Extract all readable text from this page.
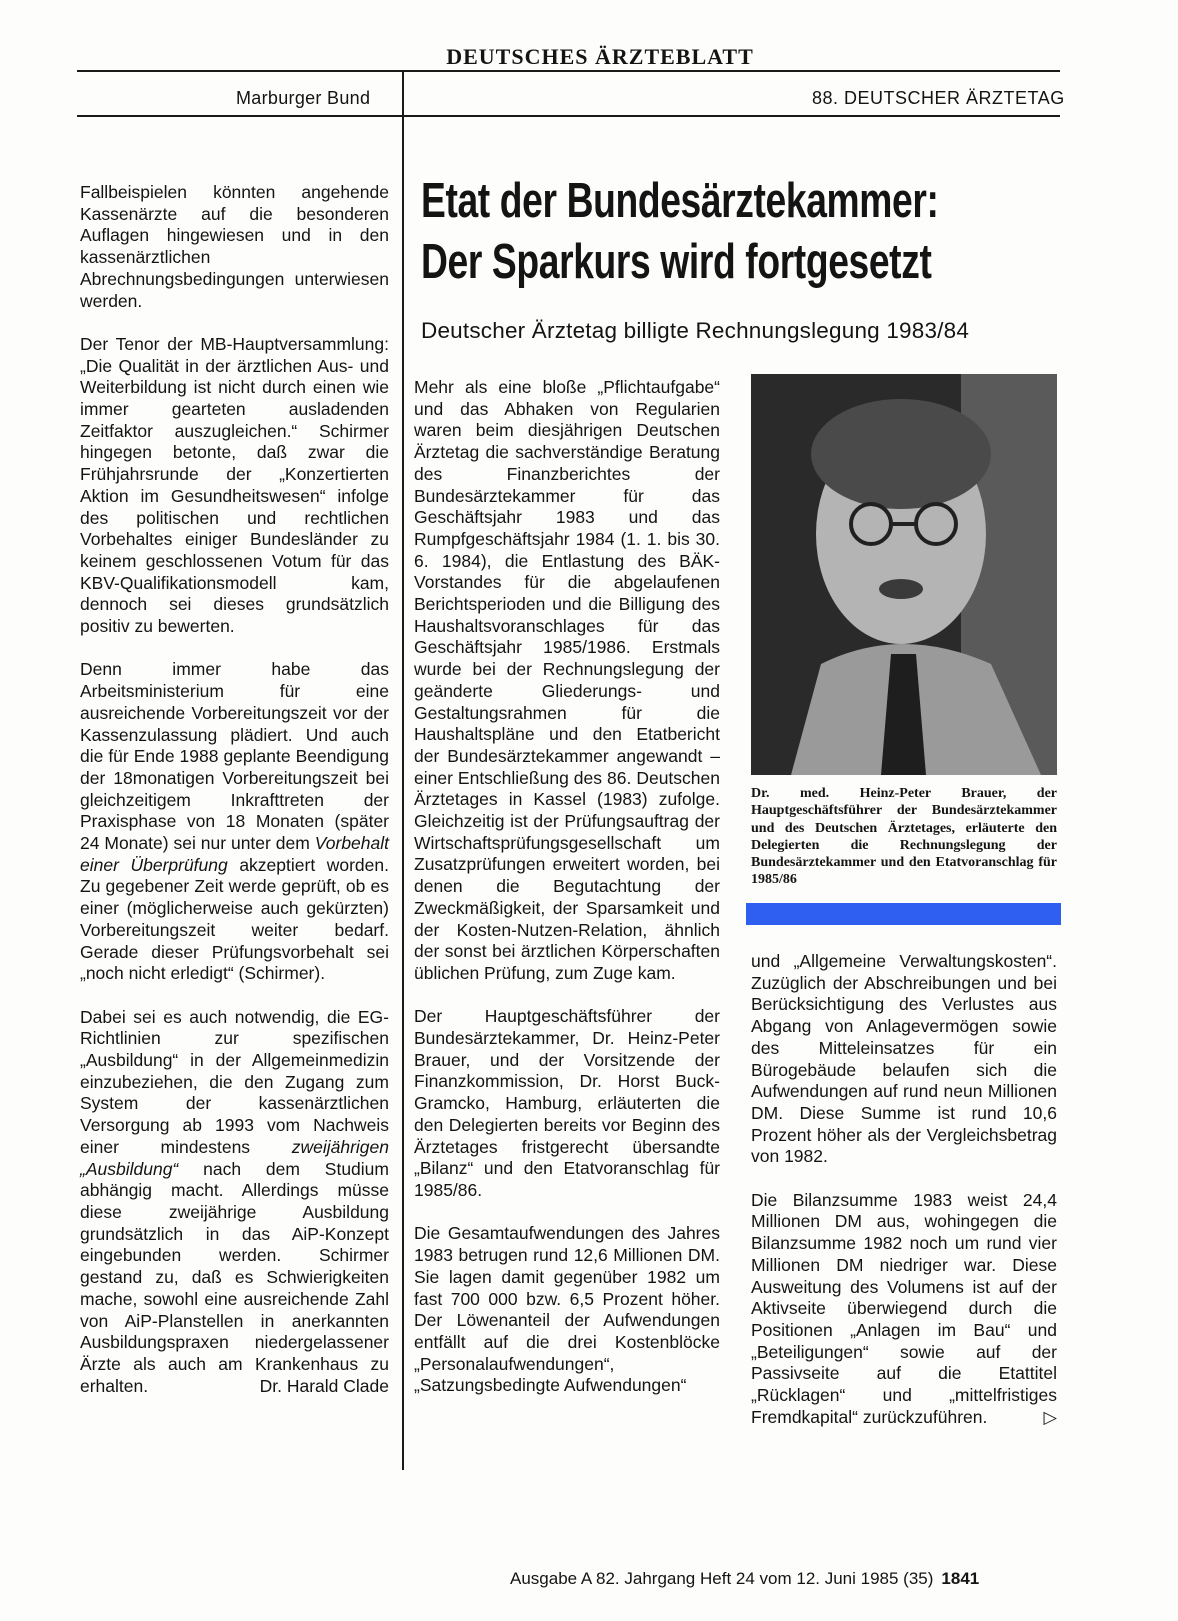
DEUTSCHES ÄRZTEBLATT
Marburger Bund	88. DEUTSCHER ÄRZTETAG

Fallbeispielen könnten angehende Kassenärzte auf die besonderen Auflagen hingewiesen und in den kassenärztlichen Abrechnungsbedingungen unterwiesen werden.

Der Tenor der MB-Hauptversammlung: „Die Qualität in der ärztlichen Aus- und Weiterbildung ist nicht durch einen wie immer gearteten ausladenden Zeitfaktor auszugleichen.“ Schirmer hingegen betonte, daß zwar die Frühjahrsrunde der „Konzertierten Aktion im Gesundheitswesen“ infolge des politischen und rechtlichen Vorbehaltes einiger Bundesländer zu keinem geschlossenen Votum für das KBV-Qualifikationsmodell kam, dennoch sei dieses grundsätzlich positiv zu bewerten.

Denn immer habe das Arbeitsministerium für eine ausreichende Vorbereitungszeit vor der Kassenzulassung plädiert. Und auch die für Ende 1988 geplante Beendigung der 18monatigen Vorbereitungszeit bei gleichzeitigem Inkrafttreten der Praxisphase von 18 Monaten (später 24 Monate) sei nur unter dem Vorbehalt einer Überprüfung akzeptiert worden. Zu gegebener Zeit werde geprüft, ob es einer (möglicherweise auch gekürzten) Vorbereitungszeit weiter bedarf. Gerade dieser Prüfungsvorbehalt sei „noch nicht erledigt“ (Schirmer).

Dabei sei es auch notwendig, die EG-Richtlinien zur spezifischen „Ausbildung“ in der Allgemeinmedizin einzubeziehen, die den Zugang zum System der kassenärztlichen Versorgung ab 1993 vom Nachweis einer mindestens zweijährigen „Ausbildung“ nach dem Studium abhängig macht. Allerdings müsse diese zweijährige Ausbildung grundsätzlich in das AiP-Konzept eingebunden werden. Schirmer gestand zu, daß es Schwierigkeiten mache, sowohl eine ausreichende Zahl von AiP-Planstellen in anerkannten Ausbildungspraxen niedergelassener Ärzte als auch am Krankenhaus zu erhalten.	Dr. Harald Clade

Etat der Bundesärztekammer:
Der Sparkurs wird fortgesetzt
Deutscher Ärztetag billigte Rechnungslegung 1983/84

Mehr als eine bloße „Pflichtaufgabe“ und das Abhaken von Regularien waren beim diesjährigen Deutschen Ärztetag die sachverständige Beratung des Finanzberichtes der Bundesärztekammer für das Geschäftsjahr 1983 und das Rumpfgeschäftsjahr 1984 (1. 1. bis 30. 6. 1984), die Entlastung des BÄK-Vorstandes für die abgelaufenen Berichtsperioden und die Billigung des Haushaltsvoranschlages für das Geschäftsjahr 1985/1986. Erstmals wurde bei der Rechnungslegung der geänderte Gliederungs- und Gestaltungsrahmen für die Haushaltspläne und den Etatbericht der Bundesärztekammer angewandt – einer Entschließung des 86. Deutschen Ärztetages in Kassel (1983) zufolge. Gleichzeitig ist der Prüfungsauftrag der Wirtschaftsprüfungsgesellschaft um Zusatzprüfungen erweitert worden, bei denen die Begutachtung der Zweckmäßigkeit, der Sparsamkeit und der Kosten-Nutzen-Relation, ähnlich der sonst bei ärztlichen Körperschaften üblichen Prüfung, zum Zuge kam.

Der Hauptgeschäftsführer der Bundesärztekammer, Dr. Heinz-Peter Brauer, und der Vorsitzende der Finanzkommission, Dr. Horst Buck-Gramcko, Hamburg, erläuterten die den Delegierten bereits vor Beginn des Ärztetages fristgerecht übersandte „Bilanz“ und den Etatvoranschlag für 1985/86.

Die Gesamtaufwendungen des Jahres 1983 betrugen rund 12,6 Millionen DM. Sie lagen damit gegenüber 1982 um fast 700 000 bzw. 6,5 Prozent höher. Der Löwenanteil der Aufwendungen entfällt auf die drei Kostenblöcke „Personalaufwendungen“, „Satzungsbedingte Aufwendungen“

Dr. med. Heinz-Peter Brauer, der Hauptgeschäftsführer der Bundesärztekammer und des Deutschen Ärztetages, erläuterte den Delegierten die Rechnungslegung der Bundesärztekammer und den Etatvoranschlag für 1985/86

und „Allgemeine Verwaltungskosten“. Zuzüglich der Abschreibungen und bei Berücksichtigung des Verlustes aus Abgang von Anlagevermögen sowie des Mitteleinsatzes für ein Bürogebäude belaufen sich die Aufwendungen auf rund neun Millionen DM. Diese Summe ist rund 10,6 Prozent höher als der Vergleichsbetrag von 1982.

Die Bilanzsumme 1983 weist 24,4 Millionen DM aus, wohingegen die Bilanzsumme 1982 noch um rund vier Millionen DM niedriger war. Diese Ausweitung des Volumens ist auf der Aktivseite überwiegend durch die Positionen „Anlagen im Bau“ und „Beteiligungen“ sowie auf der Passivseite auf die Etattitel „Rücklagen“ und „mittelfristiges Fremdkapital“ zurückzuführen.	▷

Ausgabe A 82. Jahrgang Heft 24 vom 12. Juni 1985 (35) 1841
